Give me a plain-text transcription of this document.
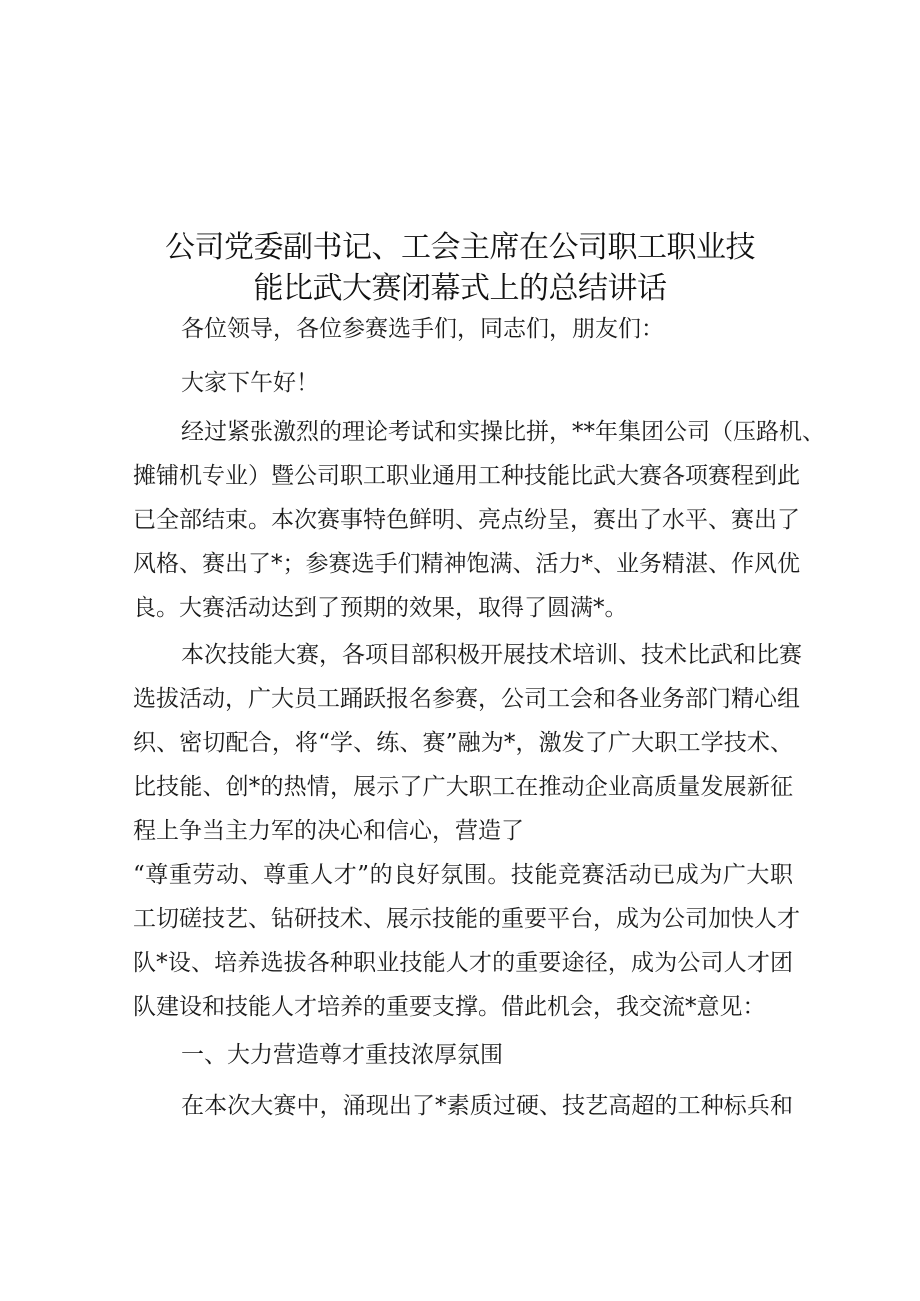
公司党委副书记、工会主席在公司职工职业技
能比武大赛闭幕式上的总结讲话

各位领导，各位参赛选手们，同志们，朋友们：

大家下午好！

经过紧张激烈的理论考试和实操比拼，**年集团公司（压路机、

摊铺机专业）暨公司职工职业通用工种技能比武大赛各项赛程到此

已全部结束。本次赛事特色鲜明、亮点纷呈，赛出了水平、赛出了

风格、赛出了*；参赛选手们精神饱满、活力*、业务精湛、作风优

良。大赛活动达到了预期的效果，取得了圆满*。

本次技能大赛，各项目部积极开展技术培训、技术比武和比赛

选拔活动，广大员工踊跃报名参赛，公司工会和各业务部门精心组

织、密切配合，将“学、练、赛”融为*，激发了广大职工学技术、

比技能、创*的热情，展示了广大职工在推动企业高质量发展新征

程上争当主力军的决心和信心，营造了

“尊重劳动、尊重人才”的良好氛围。技能竞赛活动已成为广大职

工切磋技艺、钻研技术、展示技能的重要平台，成为公司加快人才

队*设、培养选拔各种职业技能人才的重要途径，成为公司人才团

队建设和技能人才培养的重要支撑。借此机会，我交流*意见：

一、大力营造尊才重技浓厚氛围

在本次大赛中，涌现出了*素质过硬、技艺高超的工种标兵和
